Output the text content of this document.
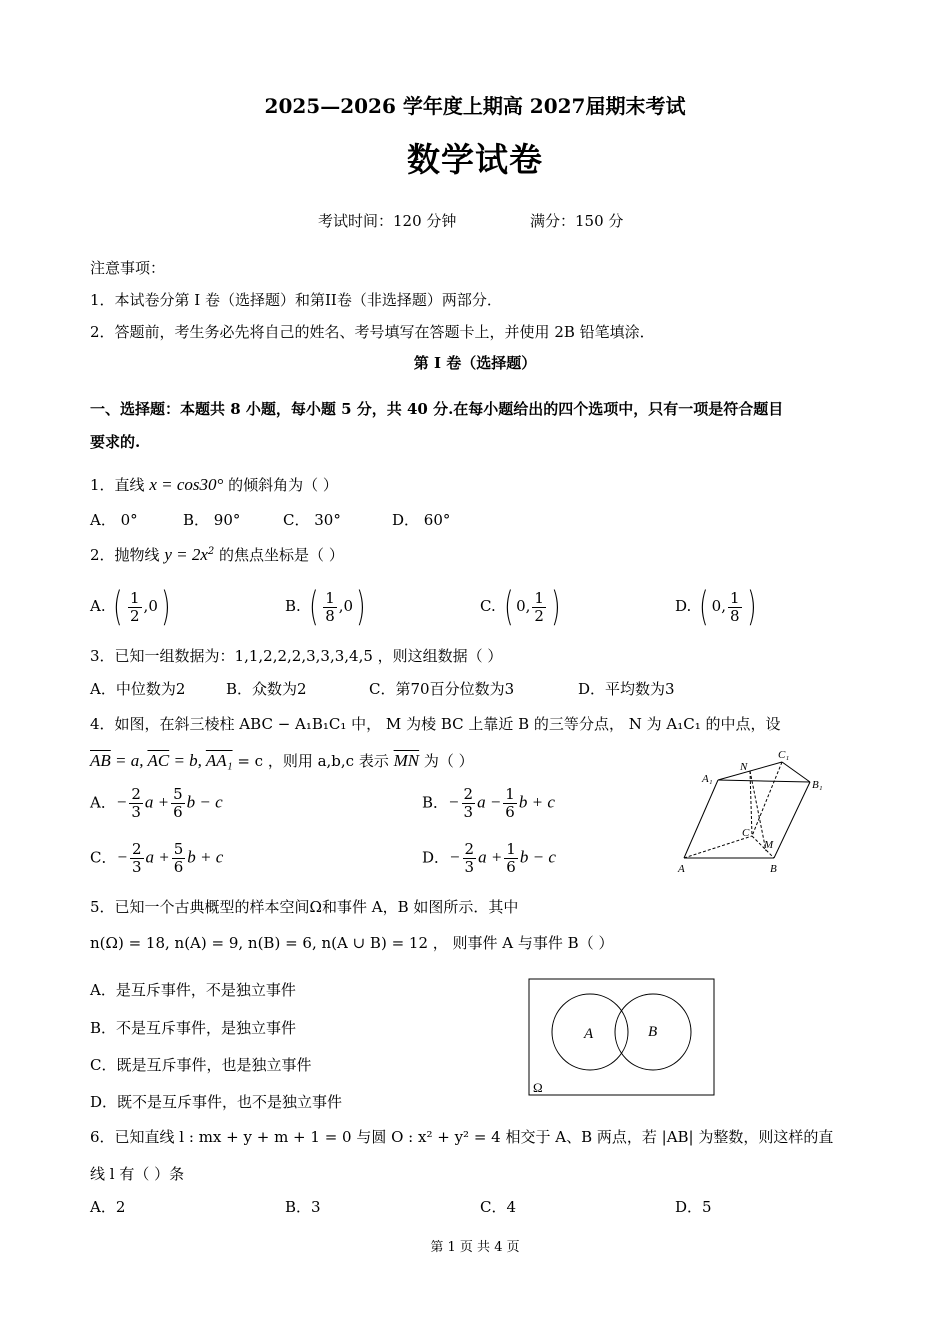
2025—2026 学年度上期高 2027届期末考试
数学试卷
考试时间：120 分钟	满分：150 分
注意事项：
1．本试卷分第 I 卷（选择题）和第II卷（非选择题）两部分．
2．答题前，考生务必先将自己的姓名、考号填写在答题卡上，并使用 2B 铅笔填涂．
第 I 卷（选择题）
一、选择题：本题共 8 小题，每小题 5 分，共 40 分.在每小题给出的四个选项中，只有一项是符合题目
要求的.
1．直线 x = cos30° 的倾斜角为（ ）
A． 0°	B． 90°	C． 30°	D． 60°
2．抛物线 $y = 2x^2$ 的焦点坐标是（ ）
A. ( $\frac{1}{2} ,0$)	B. ( $\frac{1}{8} ,0$)	C. ( 0, $\frac{1}{2}$ )	D. ( 0, $\frac{1}{8}$ )
3．已知一组数据为：1,1,2,2,2,3,3,3,4,5 ，则这组数据（ ）
A．中位数为2	B．众数为2	C．第70百分位数为3	D．平均数为3
4．如图，在斜三棱柱 ABC − A₁B₁C₁ 中， M 为棱 BC 上靠近 B 的三等分点， N 为 A₁C₁ 的中点，设
$\overline{AB} = a$, $\overline{AC} = b$, AA₁ = c ，则用 a,b,c 表示 $\overline{MN}$ 为（ ）
A．− $\frac{2}{3}$ $a + \frac{5}{6}$ b − c	B．− $\frac{2}{3}$ $a - \frac{1}{6}$ b + c
C．− $\frac{2}{3}$ $a + \frac{5}{6}$ b + c	D．− $\frac{2}{3}$ $a + \frac{1}{6}$ b − c
A₁
C₁
B₁
N
C
M
A	B
5．已知一个古典概型的样本空间Ω和事件 A，B 如图所示．其中
n(Ω) = 18, n(A) = 9, n(B) = 6, n(A ∪ B) = 12 ， 则事件 A 与事件 B（ ）
A．是互斥事件，不是独立事件
B．不是互斥事件，是独立事件
C．既是互斥事件，也是独立事件
D．既不是互斥事件，也不是独立事件
A	B
Ω
6．已知直线 l : mx + y + m + 1 = 0 与圆 O : x² + y² = 4 相交于 A、B 两点，若 |AB| 为整数，则这样的直
线 l 有（ ）条
A．2	B．3	C．4	D．5
第 1 页 共 4 页
